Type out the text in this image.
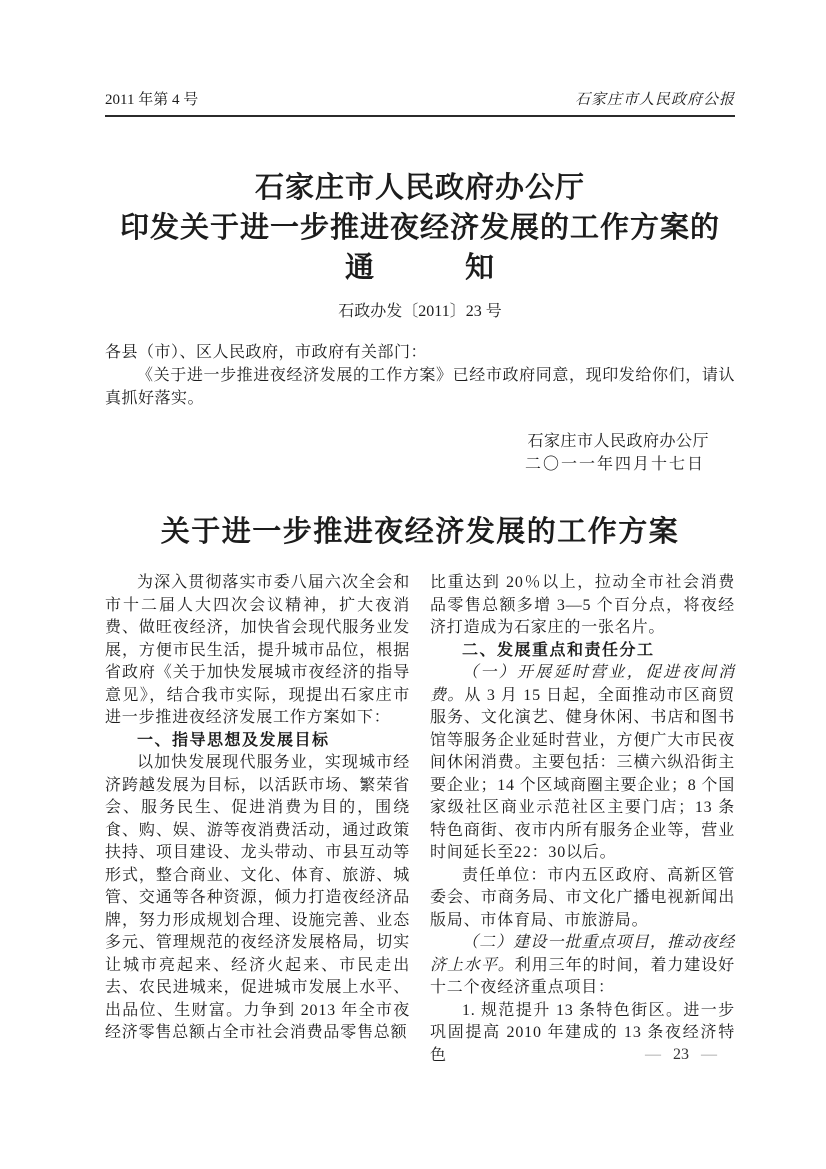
2011 年第 4 号	石家庄市人民政府公报
石家庄市人民政府办公厅
印发关于进一步推进夜经济发展的工作方案的
通　　　知
石政办发〔2011〕23 号

各县（市）、区人民政府，市政府有关部门：

《关于进一步推进夜经济发展的工作方案》已经市政府同意，现印发给你们，请认真抓好落实。

石家庄市人民政府办公厅
二〇一一年四月十七日
关于进一步推进夜经济发展的工作方案

为深入贯彻落实市委八届六次全会和市十二届人大四次会议精神，扩大夜消费、做旺夜经济，加快省会现代服务业发展，方便市民生活，提升城市品位，根据省政府《关于加快发展城市夜经济的指导意见》，结合我市实际，现提出石家庄市进一步推进夜经济发展工作方案如下：

一、指导思想及发展目标

以加快发展现代服务业，实现城市经济跨越发展为目标，以活跃市场、繁荣省会、服务民生、促进消费为目的，围绕食、购、娱、游等夜消费活动，通过政策扶持、项目建设、龙头带动、市县互动等形式，整合商业、文化、体育、旅游、城管、交通等各种资源，倾力打造夜经济品牌，努力形成规划合理、设施完善、业态多元、管理规范的夜经济发展格局，切实让城市亮起来、经济火起来、市民走出去、农民进城来，促进城市发展上水平、出品位、生财富。力争到 2013 年全市夜经济零售总额占全市社会消费品零售总额

比重达到 20％以上，拉动全市社会消费品零售总额多增 3—5 个百分点，将夜经济打造成为石家庄的一张名片。

二、发展重点和责任分工

（一）开展延时营业，促进夜间消费。从 3 月 15 日起，全面推动市区商贸服务、文化演艺、健身休闲、书店和图书馆等服务企业延时营业，方便广大市民夜间休闲消费。主要包括：三横六纵沿街主要企业；14 个区域商圈主要企业；8 个国家级社区商业示范社区主要门店；13 条特色商街、夜市内所有服务企业等，营业时间延长至22：30以后。

责任单位：市内五区政府、高新区管委会、市商务局、市文化广播电视新闻出版局、市体育局、市旅游局。

（二）建设一批重点项目，推动夜经济上水平。利用三年的时间，着力建设好十二个夜经济重点项目：

1. 规范提升 13 条特色街区。进一步巩固提高 2010 年建成的 13 条夜经济特色	— 23 —
